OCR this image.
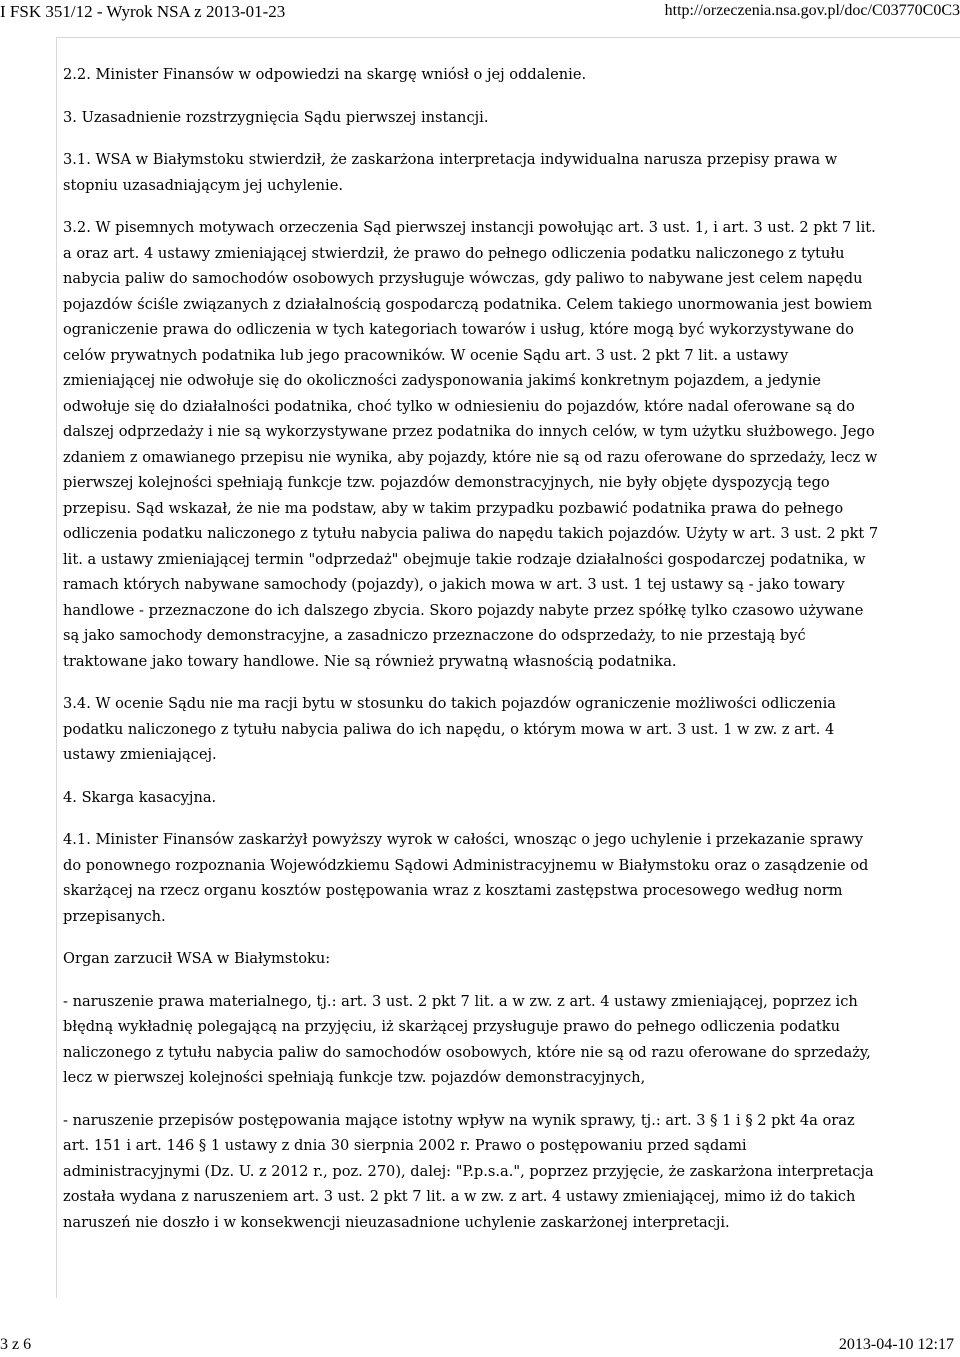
I FSK 351/12 - Wyrok NSA z 2013-01-23	http://orzeczenia.nsa.gov.pl/doc/C03770C0C3

2.2. Minister Finansów w odpowiedzi na skargę wniósł o jej oddalenie.

3. Uzasadnienie rozstrzygnięcia Sądu pierwszej instancji.

3.1. WSA w Białymstoku stwierdził, że zaskarżona interpretacja indywidualna narusza przepisy prawa w stopniu uzasadniającym jej uchylenie.

3.2. W pisemnych motywach orzeczenia Sąd pierwszej instancji powołując art. 3 ust. 1, i art. 3 ust. 2 pkt 7 lit. a oraz art. 4 ustawy zmieniającej stwierdził, że prawo do pełnego odliczenia podatku naliczonego z tytułu nabycia paliw do samochodów osobowych przysługuje wówczas, gdy paliwo to nabywane jest celem napędu pojazdów ściśle związanych z działalnością gospodarczą podatnika. Celem takiego unormowania jest bowiem ograniczenie prawa do odliczenia w tych kategoriach towarów i usług, które mogą być wykorzystywane do celów prywatnych podatnika lub jego pracowników. W ocenie Sądu art. 3 ust. 2 pkt 7 lit. a ustawy zmieniającej nie odwołuje się do okoliczności zadysponowania jakimś konkretnym pojazdem, a jedynie odwołuje się do działalności podatnika, choć tylko w odniesieniu do pojazdów, które nadal oferowane są do dalszej odprzedaży i nie są wykorzystywane przez podatnika do innych celów, w tym użytku służbowego. Jego zdaniem z omawianego przepisu nie wynika, aby pojazdy, które nie są od razu oferowane do sprzedaży, lecz w pierwszej kolejności spełniają funkcje tzw. pojazdów demonstracyjnych, nie były objęte dyspozycją tego przepisu. Sąd wskazał, że nie ma podstaw, aby w takim przypadku pozbawić podatnika prawa do pełnego odliczenia podatku naliczonego z tytułu nabycia paliwa do napędu takich pojazdów. Użyty w art. 3 ust. 2 pkt 7 lit. a ustawy zmieniającej termin "odprzedaż" obejmuje takie rodzaje działalności gospodarczej podatnika, w ramach których nabywane samochody (pojazdy), o jakich mowa w art. 3 ust. 1 tej ustawy są - jako towary handlowe - przeznaczone do ich dalszego zbycia. Skoro pojazdy nabyte przez spółkę tylko czasowo używane są jako samochody demonstracyjne, a zasadniczo przeznaczone do odsprzedaży, to nie przestają być traktowane jako towary handlowe. Nie są również prywatną własnością podatnika.

3.4. W ocenie Sądu nie ma racji bytu w stosunku do takich pojazdów ograniczenie możliwości odliczenia podatku naliczonego z tytułu nabycia paliwa do ich napędu, o którym mowa w art. 3 ust. 1 w zw. z art. 4 ustawy zmieniającej.

4. Skarga kasacyjna.

4.1. Minister Finansów zaskarżył powyższy wyrok w całości, wnosząc o jego uchylenie i przekazanie sprawy do ponownego rozpoznania Wojewódzkiemu Sądowi Administracyjnemu w Białymstoku oraz o zasądzenie od skarżącej na rzecz organu kosztów postępowania wraz z kosztami zastępstwa procesowego według norm przepisanych.

Organ zarzucił WSA w Białymstoku:

- naruszenie prawa materialnego, tj.: art. 3 ust. 2 pkt 7 lit. a w zw. z art. 4 ustawy zmieniającej, poprzez ich błędną wykładnię polegającą na przyjęciu, iż skarżącej przysługuje prawo do pełnego odliczenia podatku naliczonego z tytułu nabycia paliw do samochodów osobowych, które nie są od razu oferowane do sprzedaży, lecz w pierwszej kolejności spełniają funkcje tzw. pojazdów demonstracyjnych,

- naruszenie przepisów postępowania mające istotny wpływ na wynik sprawy, tj.: art. 3 § 1 i § 2 pkt 4a oraz art. 151 i art. 146 § 1 ustawy z dnia 30 sierpnia 2002 r. Prawo o postępowaniu przed sądami administracyjnymi (Dz. U. z 2012 r., poz. 270), dalej: "P.p.s.a.", poprzez przyjęcie, że zaskarżona interpretacja została wydana z naruszeniem art. 3 ust. 2 pkt 7 lit. a w zw. z art. 4 ustawy zmieniającej, mimo iż do takich naruszeń nie doszło i w konsekwencji nieuzasadnione uchylenie zaskarżonej interpretacji.

3 z 6	2013-04-10 12:17
